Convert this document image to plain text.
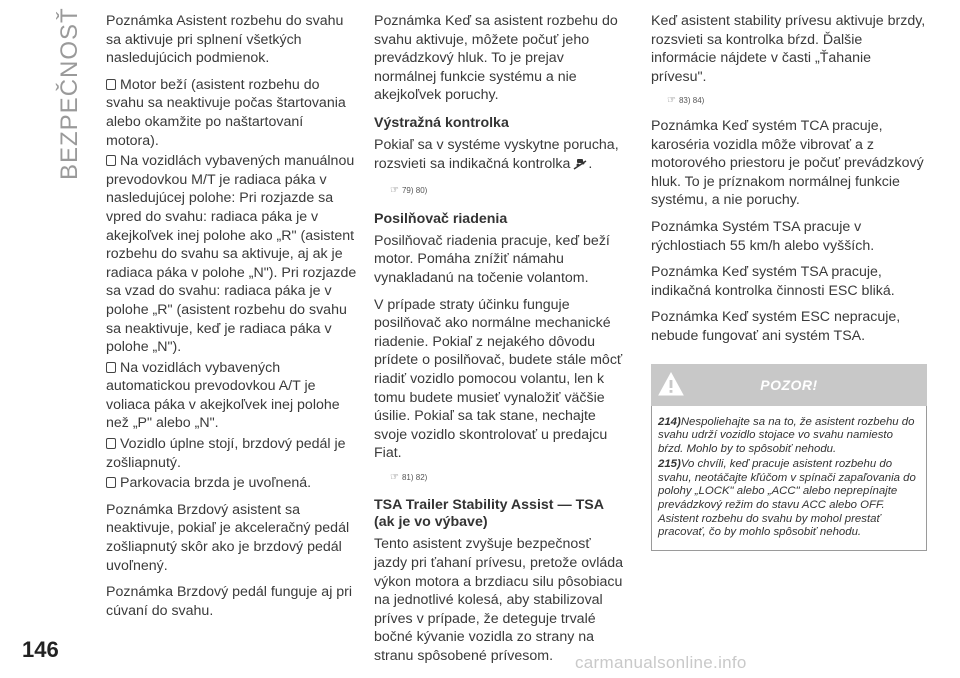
BEZPEČNOSŤ
146
carmanualsonline.info

Poznámka Asistent rozbehu do svahu sa aktivuje pri splnení všetkých nasledujúcich podmienok.

Motor beží (asistent rozbehu do svahu sa neaktivuje počas štartovania alebo okamžite po naštartovaní motora).

Na vozidlách vybavených manuálnou prevodovkou M/T je radiaca páka v nasledujúcej polohe: Pri rozjazde sa vpred do svahu: radiaca páka je v akejkoľvek inej polohe ako „R" (asistent rozbehu do svahu sa aktivuje, aj ak je radiaca páka v polohe „N"). Pri rozjazde sa vzad do svahu: radiaca páka je v polohe „R" (asistent rozbehu do svahu sa neaktivuje, keď je radiaca páka v polohe „N").

Na vozidlách vybavených automatickou prevodovkou A/T je voliaca páka v akejkoľvek inej polohe než „P" alebo „N".

Vozidlo úplne stojí, brzdový pedál je zošliapnutý.

Parkovacia brzda je uvoľnená.

Poznámka Brzdový asistent sa neaktivuje, pokiaľ je akceleračný pedál zošliapnutý skôr ako je brzdový pedál uvoľnený.

Poznámka Brzdový pedál funguje aj pri cúvaní do svahu.

Poznámka Keď sa asistent rozbehu do svahu aktivuje, môžete počuť jeho prevádzkový hluk. To je prejav normálnej funkcie systému a nie akejkoľvek poruchy.

Výstražná kontrolka

Pokiaľ sa v systéme vyskytne porucha, rozsvieti sa indikačná kontrolka .

☞ 79) 80)
Posilňovač riadenia

Posilňovač riadenia pracuje, keď beží motor. Pomáha znížiť námahu vynakladanú na točenie volantom.

V prípade straty účinku funguje posilňovač ako normálne mechanické riadenie. Pokiaľ z nejakého dôvodu prídete o posilňovač, budete stále môcť riadiť vozidlo pomocou volantu, len k tomu budete musieť vynaložiť väčšie úsilie. Pokiaľ sa tak stane, nechajte svoje vozidlo skontrolovať u predajcu Fiat.

☞ 81) 82)
TSA Trailer Stability Assist — TSA (ak je vo výbave)

Tento asistent zvyšuje bezpečnosť jazdy pri ťahaní prívesu, pretože ovláda výkon motora a brzdiacu silu pôsobiacu na jednotlivé kolesá, aby stabilizoval príves v prípade, že deteguje trvalé bočné kývanie vozidla zo strany na stranu spôsobené prívesom.

Keď asistent stability prívesu aktivuje brzdy, rozsvieti sa kontrolka bŕzd. Ďalšie informácie nájdete v časti „Ťahanie prívesu".

☞ 83) 84)

Poznámka Keď systém TCA pracuje, karoséria vozidla môže vibrovať a z motorového priestoru je počuť prevádzkový hluk. To je príznakom normálnej funkcie systému, a nie poruchy.

Poznámka Systém TSA pracuje v rýchlostiach 55 km/h alebo vyšších.

Poznámka Keď systém TSA pracuje, indikačná kontrolka činnosti ESC bliká.

Poznámka Keď systém ESC nepracuje, nebude fungovať ani systém TSA.

POZOR!
214)Nespoliehajte sa na to, že asistent rozbehu do svahu udrží vozidlo stojace vo svahu namiesto bŕzd. Mohlo by to spôsobiť nehodu.
215)Vo chvíli, keď pracuje asistent rozbehu do svahu, neotáčajte kľúčom v spínači zapaľovania do polohy „LOCK" alebo „ACC" alebo neprepínajte prevádzkový režim do stavu ACC alebo OFF. Asistent rozbehu do svahu by mohol prestať pracovať, čo by mohlo spôsobiť nehodu.
